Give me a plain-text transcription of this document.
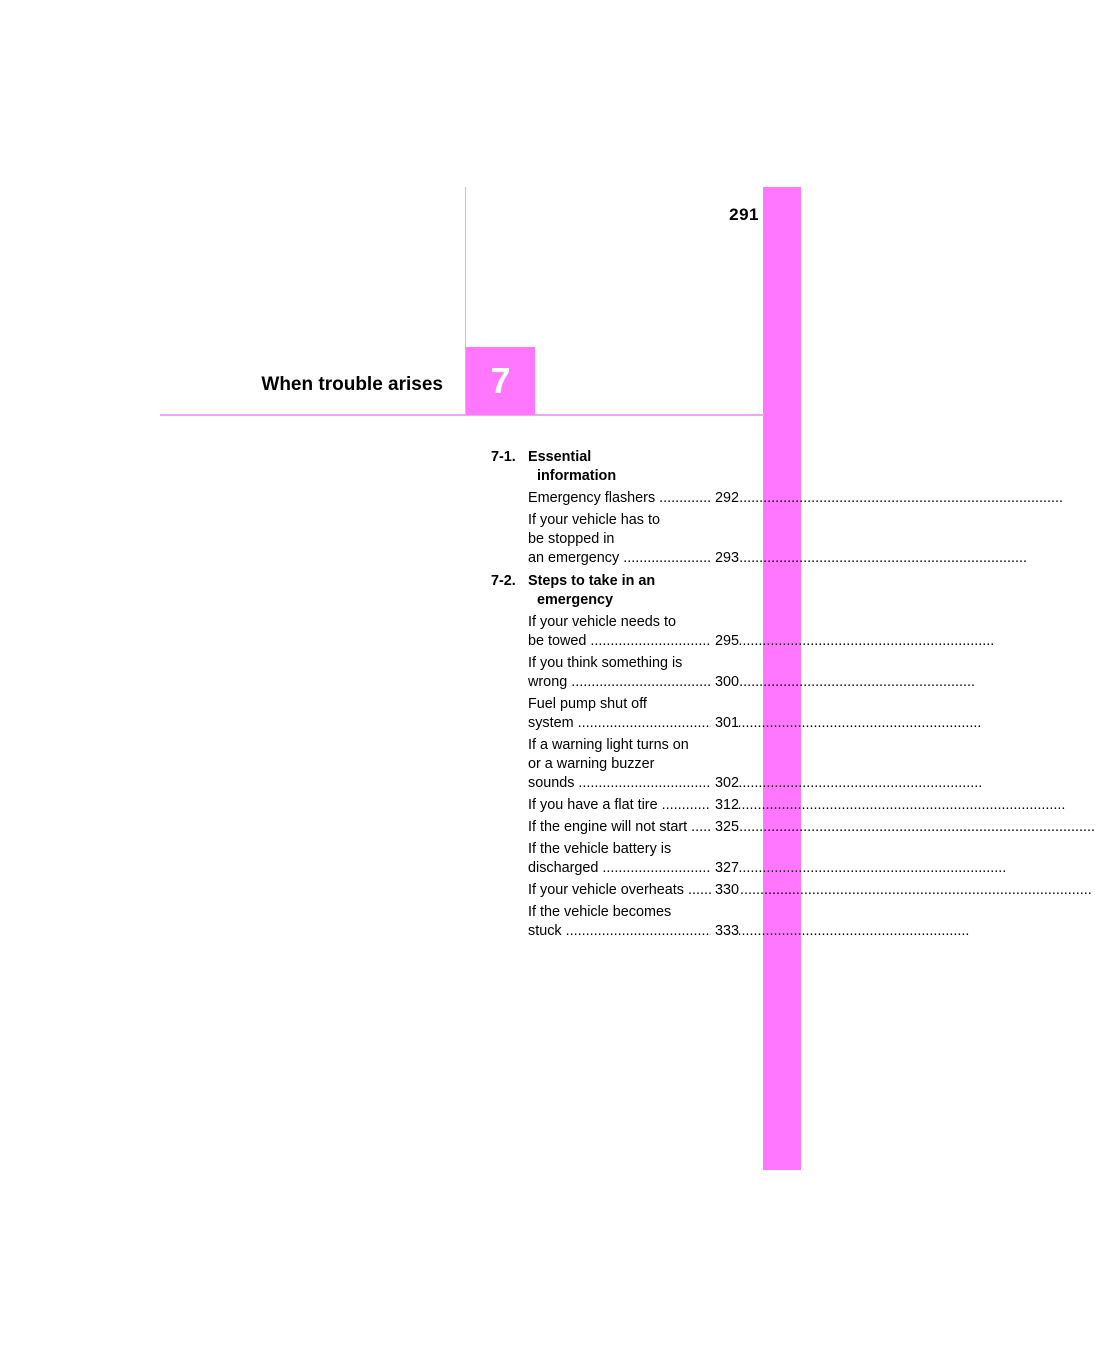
291
When trouble arises	7
7-1. Essential information
Emergency flashers .....	292
If your vehicle has to
be stopped in
an emergency .....	293
7-2. Steps to take in an emergency
If your vehicle needs to
be towed .....	295
If you think something is
wrong .....	300
Fuel pump shut off
system .....	301
If a warning light turns on
or a warning buzzer
sounds .....	302
If you have a flat tire .....	312
If the engine will not start .....	325
If the vehicle battery is
discharged .....	327
If your vehicle overheats .....	330
If the vehicle becomes
stuck .....	333
